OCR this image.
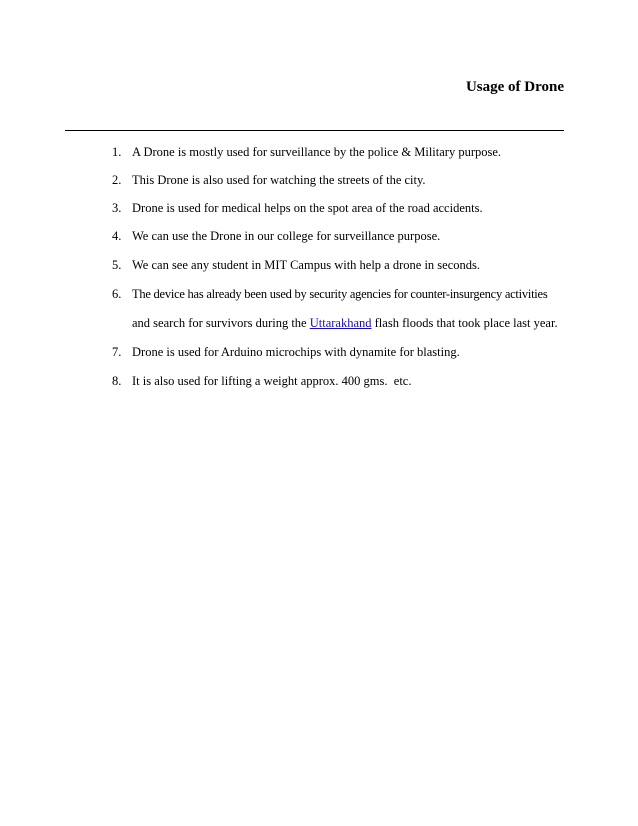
Usage of Drone
1. A Drone is mostly used for surveillance by the police & Military purpose.
2. This Drone is also used for watching the streets of the city.
3. Drone is used for medical helps on the spot area of the road accidents.
4. We can use the Drone in our college for surveillance purpose.
5. We can see any student in MIT Campus with help a drone in seconds.
6. The device has already been used by security agencies for counter-insurgency activities
and search for survivors during the Uttarakhand flash floods that took place last year.
7. Drone is used for Arduino microchips with dynamite for blasting.
8. It is also used for lifting a weight approx. 400 gms.  etc.
